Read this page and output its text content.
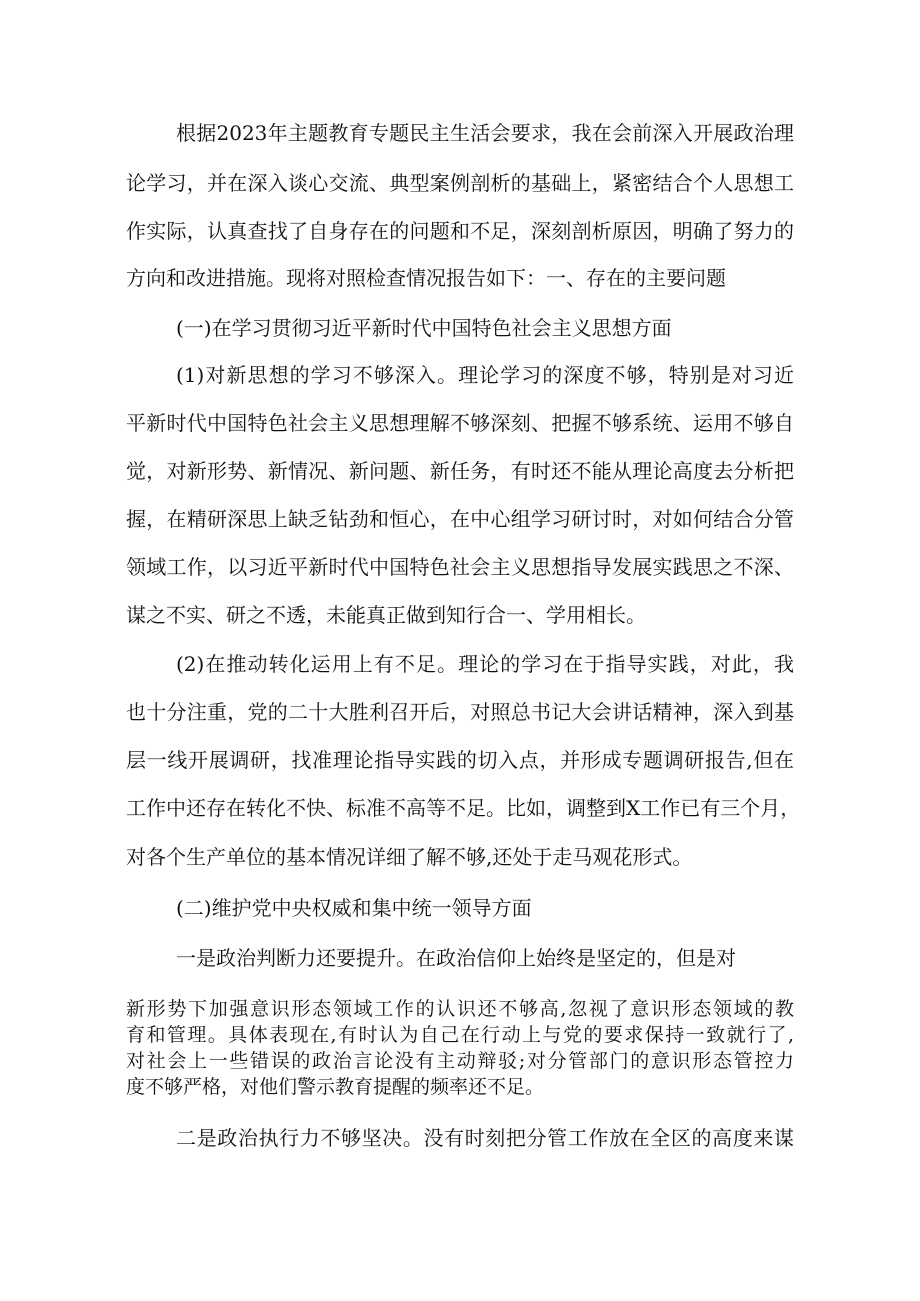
根据2023年主题教育专题民主生活会要求，我在会前深入开展政治理

论学习，并在深入谈心交流、典型案例剖析的基础上，紧密结合个人思想工

作实际，认真查找了自身存在的问题和不足，深刻剖析原因，明确了努力的

方向和改进措施。现将对照检查情况报告如下：一、存在的主要问题

(一)在学习贯彻习近平新时代中国特色社会主义思想方面

(1)对新思想的学习不够深入。理论学习的深度不够，特别是对习近

平新时代中国特色社会主义思想理解不够深刻、把握不够系统、运用不够自

觉，对新形势、新情况、新问题、新任务，有时还不能从理论高度去分析把

握，在精研深思上缺乏钻劲和恒心，在中心组学习研讨时，对如何结合分管

领域工作，以习近平新时代中国特色社会主义思想指导发展实践思之不深、

谋之不实、研之不透，未能真正做到知行合一、学用相长。

(2)在推动转化运用上有不足。理论的学习在于指导实践，对此，我

也十分注重，党的二十大胜利召开后，对照总书记大会讲话精神，深入到基

层一线开展调研，找准理论指导实践的切入点，并形成专题调研报告,但在

工作中还存在转化不快、标准不高等不足。比如，调整到X工作已有三个月，

对各个生产单位的基本情况详细了解不够,还处于走马观花形式。

(二)维护党中央权威和集中统一领导方面

一是政治判断力还要提升。在政治信仰上始终是坚定的，但是对

新形势下加强意识形态领域工作的认识还不够高,忽视了意识形态领域的教

育和管理。具体表现在,有时认为自己在行动上与党的要求保持一致就行了,

对社会上一些错误的政治言论没有主动辩驳;对分管部门的意识形态管控力

度不够严格，对他们警示教育提醒的频率还不足。

二是政治执行力不够坚决。没有时刻把分管工作放在全区的高度来谋
